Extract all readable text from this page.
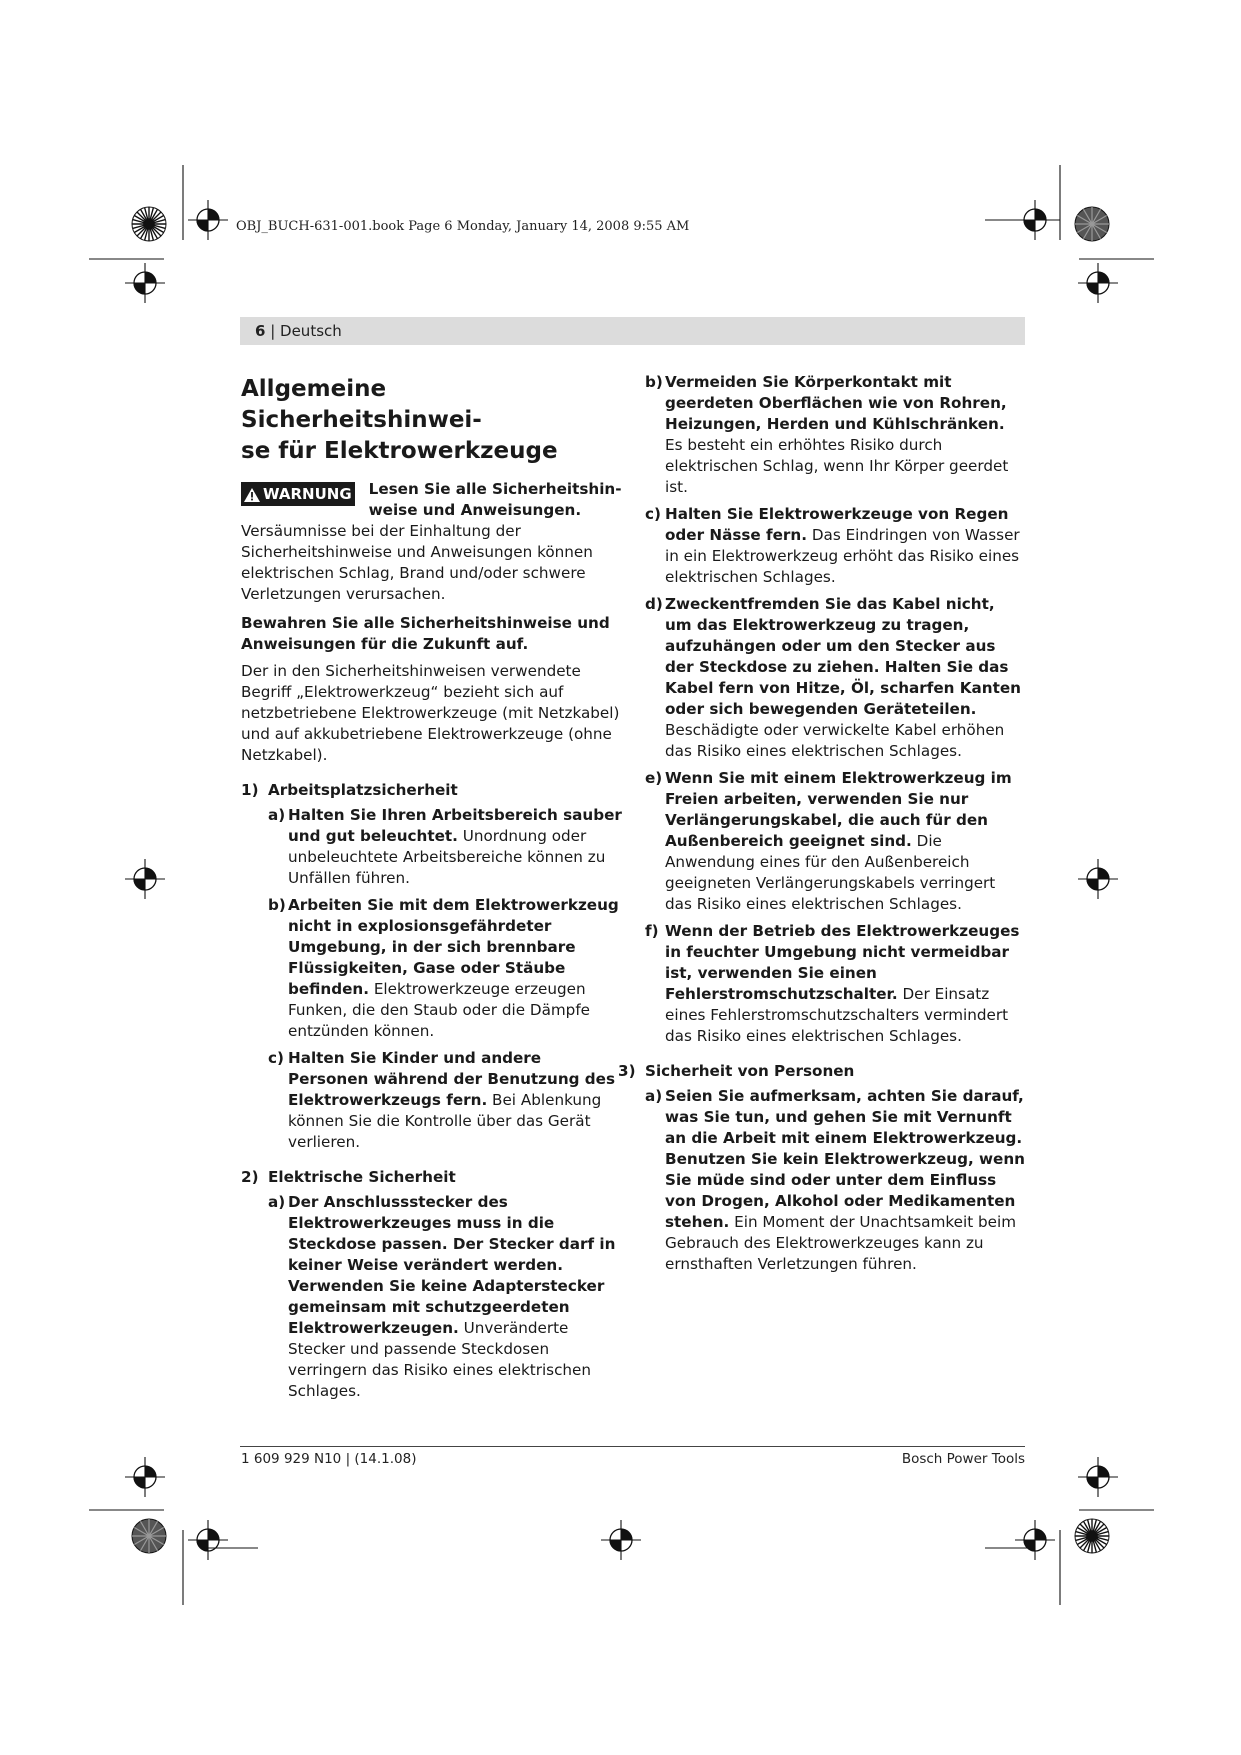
OBJ_BUCH-631-001.book Page 6 Monday, January 14, 2008 9:55 AM
6 | Deutsch
Allgemeine Sicherheitshinwei-
se für Elektrowerkzeuge
WARNUNG Lesen Sie alle Sicherheitshin-weise und Anweisungen. Versäumnisse bei der Einhaltung der Sicherheitshinweise und Anweisungen können elektrischen Schlag, Brand und/oder schwere Verletzungen verursachen.

Bewahren Sie alle Sicherheitshinweise und Anweisungen für die Zukunft auf.

Der in den Sicherheitshinweisen verwendete Begriff „Elektrowerkzeug“ bezieht sich auf netzbetriebene Elektrowerkzeuge (mit Netzkabel) und auf akkubetriebene Elektrowerkzeuge (ohne Netzkabel).

1) Arbeitsplatzsicherheit
a) Halten Sie Ihren Arbeitsbereich sauber und gut beleuchtet. Unordnung oder unbeleuchtete Arbeitsbereiche können zu Unfällen führen.
b) Arbeiten Sie mit dem Elektrowerkzeug nicht in explosionsgefährdeter Umgebung, in der sich brennbare Flüssigkeiten, Gase oder Stäube befinden. Elektrowerkzeuge erzeugen Funken, die den Staub oder die Dämpfe entzünden können.
c) Halten Sie Kinder und andere Personen während der Benutzung des Elektrowerkzeugs fern. Bei Ablenkung können Sie die Kontrolle über das Gerät verlieren.
2) Elektrische Sicherheit
a) Der Anschlussstecker des Elektrowerkzeuges muss in die Steckdose passen. Der Stecker darf in keiner Weise verändert werden. Verwenden Sie keine Adapterstecker gemeinsam mit schutzgeerdeten Elektrowerkzeugen. Unveränderte Stecker und passende Steckdosen verringern das Risiko eines elektrischen Schlages.
b) Vermeiden Sie Körperkontakt mit geerdeten Oberflächen wie von Rohren, Heizungen, Herden und Kühlschränken. Es besteht ein erhöhtes Risiko durch elektrischen Schlag, wenn Ihr Körper geerdet ist.
c) Halten Sie Elektrowerkzeuge von Regen oder Nässe fern. Das Eindringen von Wasser in ein Elektrowerkzeug erhöht das Risiko eines elektrischen Schlages.
d) Zweckentfremden Sie das Kabel nicht, um das Elektrowerkzeug zu tragen, aufzuhängen oder um den Stecker aus der Steckdose zu ziehen. Halten Sie das Kabel fern von Hitze, Öl, scharfen Kanten oder sich bewegenden Geräteteilen. Beschädigte oder verwickelte Kabel erhöhen das Risiko eines elektrischen Schlages.
e) Wenn Sie mit einem Elektrowerkzeug im Freien arbeiten, verwenden Sie nur Verlängerungskabel, die auch für den Außenbereich geeignet sind. Die Anwendung eines für den Außenbereich geeigneten Verlängerungskabels verringert das Risiko eines elektrischen Schlages.
f) Wenn der Betrieb des Elektrowerkzeuges in feuchter Umgebung nicht vermeidbar ist, verwenden Sie einen Fehlerstromschutzschalter. Der Einsatz eines Fehlerstromschutzschalters vermindert das Risiko eines elektrischen Schlages.
3) Sicherheit von Personen
a) Seien Sie aufmerksam, achten Sie darauf, was Sie tun, und gehen Sie mit Vernunft an die Arbeit mit einem Elektrowerkzeug. Benutzen Sie kein Elektrowerkzeug, wenn Sie müde sind oder unter dem Einfluss von Drogen, Alkohol oder Medikamenten stehen. Ein Moment der Unachtsamkeit beim Gebrauch des Elektrowerkzeuges kann zu ernsthaften Verletzungen führen.
1 609 929 N10 | (14.1.08)	Bosch Power Tools
